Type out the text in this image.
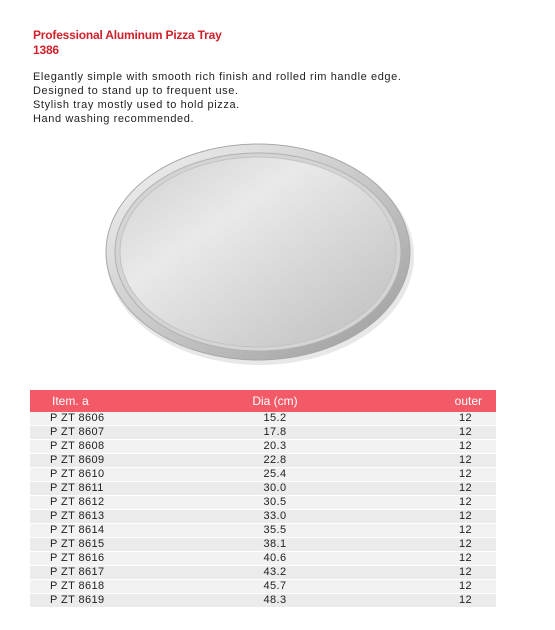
Professional Aluminum Pizza Tray
1386
Elegantly simple with smooth rich finish and rolled rim handle edge.
Designed to stand up to frequent use.
Stylish tray mostly used to hold pizza.
Hand washing recommended.
Item. a	Dia (cm)	outer
P ZT 8606	15.2	12
P ZT 8607	17.8	12
P ZT 8608	20.3	12
P ZT 8609	22.8	12
P ZT 8610	25.4	12
P ZT 8611	30.0	12
P ZT 8612	30.5	12
P ZT 8613	33.0	12
P ZT 8614	35.5	12
P ZT 8615	38.1	12
P ZT 8616	40.6	12
P ZT 8617	43.2	12
P ZT 8618	45.7	12
P ZT 8619	48.3	12
